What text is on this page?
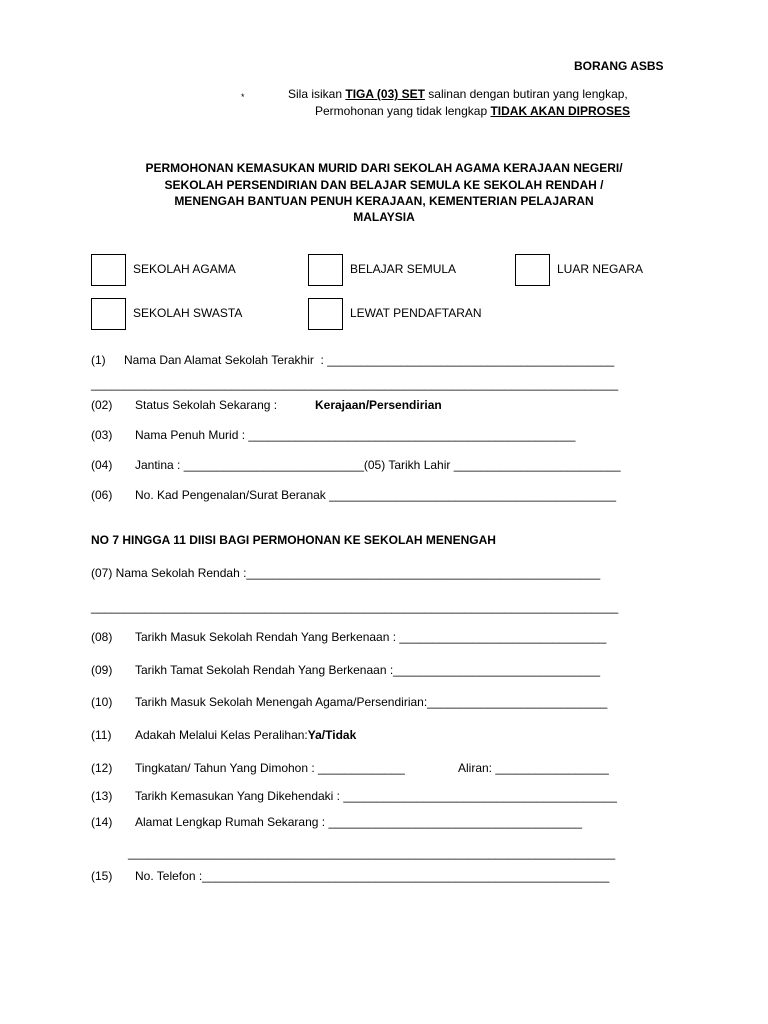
BORANG ASBS
*	Sila isikan TIGA (03) SET salinan dengan butiran yang lengkap,
Permohonan yang tidak lengkap TIDAK AKAN DIPROSES
PERMOHONAN KEMASUKAN MURID DARI SEKOLAH AGAMA KERAJAAN NEGERI/
SEKOLAH PERSENDIRIAN DAN BELAJAR SEMULA KE SEKOLAH RENDAH /
MENENGAH BANTUAN PENUH KERAJAAN, KEMENTERIAN PELAJARAN
MALAYSIA
SEKOLAH AGAMA	BELAJAR SEMULA	LUAR NEGARA
SEKOLAH SWASTA	LEWAT PENDAFTARAN
(1) Nama Dan Alamat Sekolah Terakhir  : ___________________________________________
_______________________________________________________________________________
(02) Status Sekolah Sekarang :	Kerajaan/Persendirian
(03) Nama Penuh Murid : _________________________________________________
(04) Jantina : ___________________________(05) Tarikh Lahir _________________________
(06) No. Kad Pengenalan/Surat Beranak ___________________________________________
NO 7 HINGGA 11 DIISI BAGI PERMOHONAN KE SEKOLAH MENENGAH
(07) Nama Sekolah Rendah :_____________________________________________________
_______________________________________________________________________________
(08) Tarikh Masuk Sekolah Rendah Yang Berkenaan : _______________________________
(09) Tarikh Tamat Sekolah Rendah Yang Berkenaan :_______________________________
(10) Tarikh Masuk Sekolah Menengah Agama/Persendirian:___________________________
(11) Adakah Melalui Kelas Peralihan:Ya/Tidak
(12) Tingkatan/ Tahun Yang Dimohon : _____________	Aliran: _________________
(13) Tarikh Kemasukan Yang Dikehendaki : _________________________________________
(14) Alamat Lengkap Rumah Sekarang : ______________________________________
_________________________________________________________________________
(15) No. Telefon :_____________________________________________________________
